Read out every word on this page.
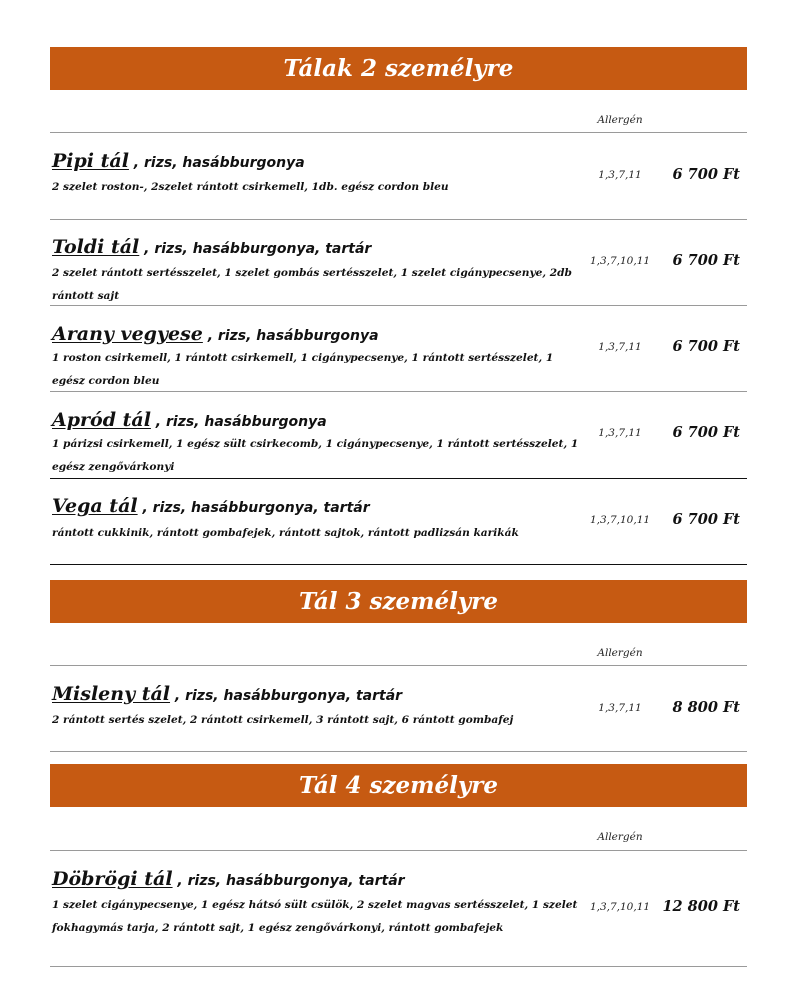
Tálak 2 személyre
Allergén
Pipi tál , rizs, hasábburgonya
2 szelet roston-, 2szelet rántott csirkemell, 1db. egész cordon bleu
1,3,7,11	6 700 Ft
Toldi tál , rizs, hasábburgonya, tartár
2 szelet rántott sertésszelet, 1 szelet gombás sertésszelet, 1 szelet cigánypecsenye, 2db rántott sajt
1,3,7,10,11	6 700 Ft
Arany vegyese , rizs, hasábburgonya
1 roston csirkemell, 1 rántott csirkemell, 1 cigánypecsenye, 1 rántott sertésszelet, 1 egész cordon bleu
1,3,7,11	6 700 Ft
Apród tál , rizs, hasábburgonya
1 párizsi csirkemell, 1 egész sült csirkecomb, 1 cigánypecsenye, 1 rántott sertésszelet, 1 egész zengővárkonyi
1,3,7,11	6 700 Ft
Vega tál , rizs, hasábburgonya, tartár
rántott cukkinik, rántott gombafejek, rántott sajtok, rántott padlizsán karikák
1,3,7,10,11	6 700 Ft
Tál 3 személyre
Allergén
Misleny tál , rizs, hasábburgonya, tartár
2 rántott sertés szelet, 2 rántott csirkemell, 3 rántott sajt, 6 rántott gombafej
1,3,7,11	8 800 Ft
Tál 4 személyre
Allergén
Döbrögi tál , rizs, hasábburgonya, tartár
1 szelet cigánypecsenye, 1 egész hátsó sült csülök, 2 szelet magvas sertésszelet, 1 szelet fokhagymás tarja, 2 rántott sajt, 1 egész zengővárkonyi, rántott gombafejek
1,3,7,10,11 12 800 Ft
